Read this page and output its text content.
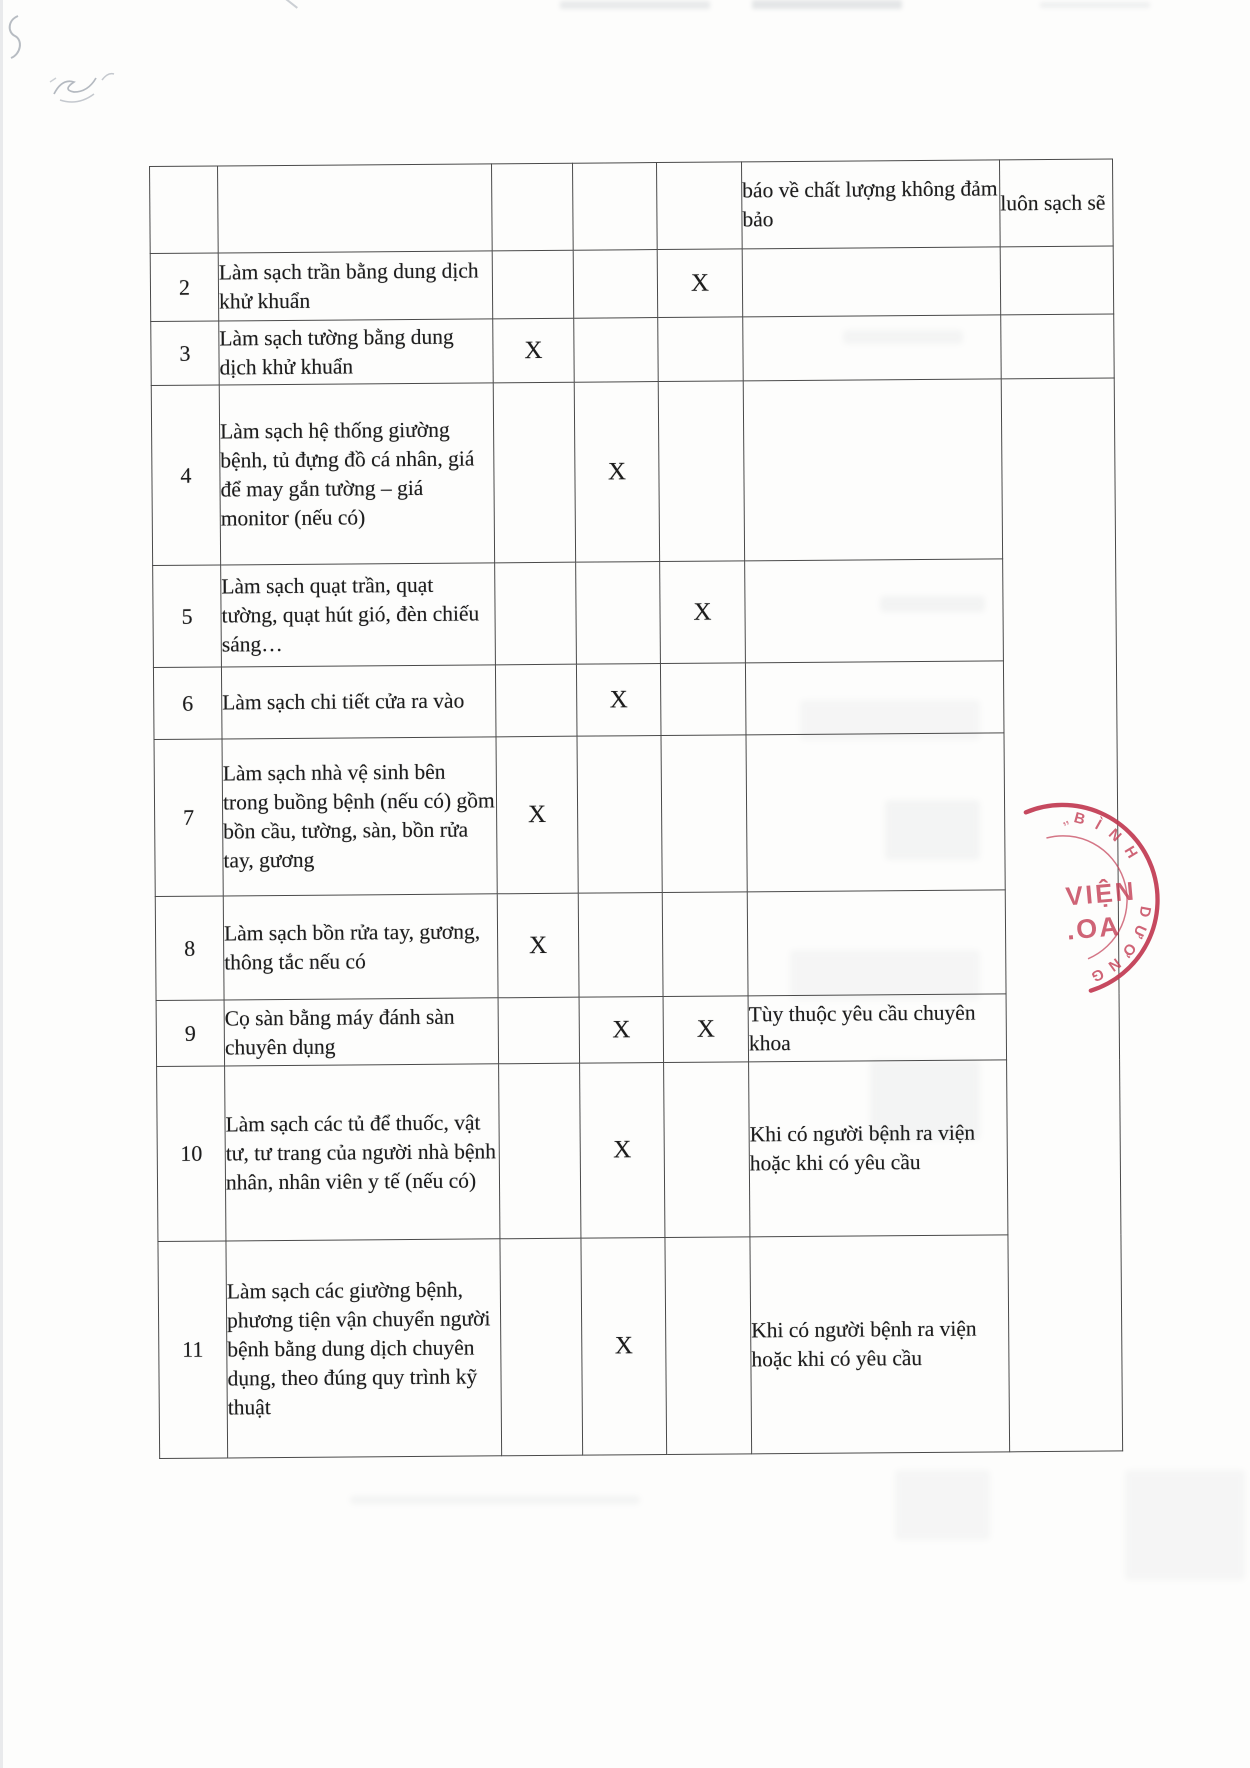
					báo về chất lượng không đảm bảo	luôn sạch sẽ
2	Làm sạch trần bằng dung dịch khử khuẩn			X		
3	Làm sạch tường bằng dung dịch khử khuẩn	X				
4	Làm sạch hệ thống giường bệnh, tủ đựng đồ cá nhân, giá để may gắn tường – giá monitor (nếu có)		X			
5	Làm sạch quạt trần, quạt tường, quạt hút gió, đèn chiếu sáng…			X		
6	Làm sạch chi tiết cửa ra vào		X			
7	Làm sạch nhà vệ sinh bên trong buồng bệnh (nếu có) gồm bồn cầu, tường, sàn, bồn rửa tay, gương	X				
8	Làm sạch bồn rửa tay, gương, thông tắc nếu có	X				
9	Cọ sàn bằng máy đánh sàn chuyên dụng		X	X	Tùy thuộc yêu cầu chuyên khoa	
10	Làm sạch các tủ để thuốc, vật tư, tư trang của người nhà bệnh nhân, nhân viên y tế (nếu có)		X		Khi có người bệnh ra viện hoặc khi có yêu cầu	
11	Làm sạch các giường bệnh, phương tiện vận chuyển người bệnh bằng dung dịch chuyên dụng, theo đúng quy trình kỹ thuật		X		Khi có người bệnh ra viện hoặc khi có yêu cầu	
BÌNH
DƯƠNG
VIỆN
.OA
’’
